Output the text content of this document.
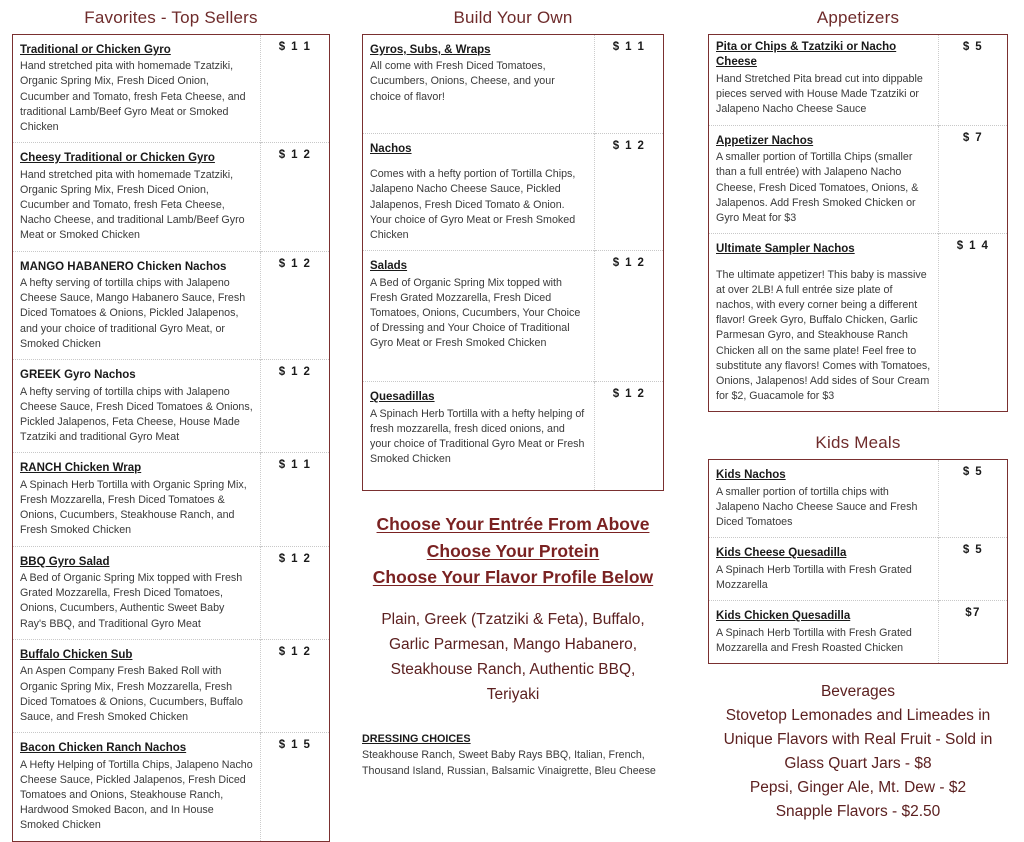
Favorites - Top Sellers
Traditional or Chicken Gyro

Hand stretched pita with homemade Tzatziki, Organic Spring Mix, Fresh Diced Onion, Cucumber and Tomato, fresh Feta Cheese, and traditional Lamb/Beef Gyro Meat or Smoked Chicken	$ 1 1
Cheesy Traditional or Chicken Gyro

Hand stretched pita with homemade Tzatziki, Organic Spring Mix, Fresh Diced Onion, Cucumber and Tomato, fresh Feta Cheese, Nacho Cheese, and traditional Lamb/Beef Gyro Meat or Smoked Chicken	$ 1 2
MANGO HABANERO Chicken Nachos

A hefty serving of tortilla chips with Jalapeno Cheese Sauce, Mango Habanero Sauce, Fresh Diced Tomatoes & Onions, Pickled Jalapenos, and your choice of traditional Gyro Meat, or Smoked Chicken	$ 1 2
GREEK Gyro Nachos

A hefty serving of tortilla chips with Jalapeno Cheese Sauce, Fresh Diced Tomatoes & Onions, Pickled Jalapenos, Feta Cheese, House Made Tzatziki and traditional Gyro Meat	$ 1 2
RANCH Chicken Wrap

A Spinach Herb Tortilla with Organic Spring Mix, Fresh Mozzarella, Fresh Diced Tomatoes & Onions, Cucumbers, Steakhouse Ranch, and Fresh Smoked Chicken	$ 1 1
BBQ Gyro Salad

A Bed of Organic Spring Mix topped with Fresh Grated Mozzarella, Fresh Diced Tomatoes, Onions, Cucumbers, Authentic Sweet Baby Ray's BBQ, and Traditional Gyro Meat	$ 1 2
Buffalo Chicken Sub

An Aspen Company Fresh Baked Roll with Organic Spring Mix, Fresh Mozzarella, Fresh Diced Tomatoes & Onions, Cucumbers, Buffalo Sauce, and Fresh Smoked Chicken	$ 1 2
Bacon Chicken Ranch Nachos

A Hefty Helping of Tortilla Chips, Jalapeno Nacho Cheese Sauce, Pickled Jalapenos, Fresh Diced Tomatoes and Onions, Steakhouse Ranch, Hardwood Smoked Bacon, and In House Smoked Chicken	$ 1 5
Build Your Own
Gyros, Subs, & Wraps

All come with Fresh Diced Tomatoes, Cucumbers, Onions, Cheese, and your choice of flavor!	$ 1 1
Nachos

Comes with a hefty portion of Tortilla Chips, Jalapeno Nacho Cheese Sauce, Pickled Jalapenos, Fresh Diced Tomato & Onion. Your choice of Gyro Meat or Fresh Smoked Chicken	$ 1 2
Salads

A Bed of Organic Spring Mix topped with Fresh Grated Mozzarella, Fresh Diced Tomatoes, Onions, Cucumbers, Your Choice of Dressing and Your Choice of Traditional Gyro Meat or Fresh Smoked Chicken	$ 1 2
Quesadillas

A Spinach Herb Tortilla with a hefty helping of fresh mozzarella, fresh diced onions, and your choice of Traditional Gyro Meat or Fresh Smoked Chicken	$ 1 2
Choose Your Entrée From Above
Choose Your Protein
Choose Your Flavor Profile Below
Plain, Greek (Tzatziki & Feta), Buffalo,
Garlic Parmesan, Mango Habanero,
Steakhouse Ranch, Authentic BBQ,
Teriyaki
DRESSING CHOICES

Steakhouse Ranch, Sweet Baby Rays BBQ, Italian, French, Thousand Island, Russian, Balsamic Vinaigrette, Bleu Cheese

Appetizers
Pita or Chips & Tzatziki or Nacho Cheese

Hand Stretched Pita bread cut into dippable pieces served with House Made Tzatziki or Jalapeno Nacho Cheese Sauce	$ 5
Appetizer Nachos

A smaller portion of Tortilla Chips (smaller than a full entrée) with Jalapeno Nacho Cheese, Fresh Diced Tomatoes, Onions, & Jalapenos. Add Fresh Smoked Chicken or Gyro Meat for $3	$ 7
Ultimate Sampler Nachos

The ultimate appetizer! This baby is massive at over 2LB! A full entrée size plate of nachos, with every corner being a different flavor! Greek Gyro, Buffalo Chicken, Garlic Parmesan Gyro, and Steakhouse Ranch Chicken all on the same plate! Feel free to substitute any flavors! Comes with Tomatoes, Onions, Jalapenos! Add sides of Sour Cream for $2, Guacamole for $3	$ 1 4
Kids Meals
Kids Nachos

A smaller portion of tortilla chips with Jalapeno Nacho Cheese Sauce and Fresh Diced Tomatoes	$ 5
Kids Cheese Quesadilla

A Spinach Herb Tortilla with Fresh Grated Mozzarella	$ 5
Kids Chicken Quesadilla

A Spinach Herb Tortilla with Fresh Grated Mozzarella and Fresh Roasted Chicken	$7
Beverages
Stovetop Lemonades and Limeades in
Unique Flavors with Real Fruit - Sold in
Glass Quart Jars - $8
Pepsi, Ginger Ale, Mt. Dew - $2
Snapple Flavors - $2.50
